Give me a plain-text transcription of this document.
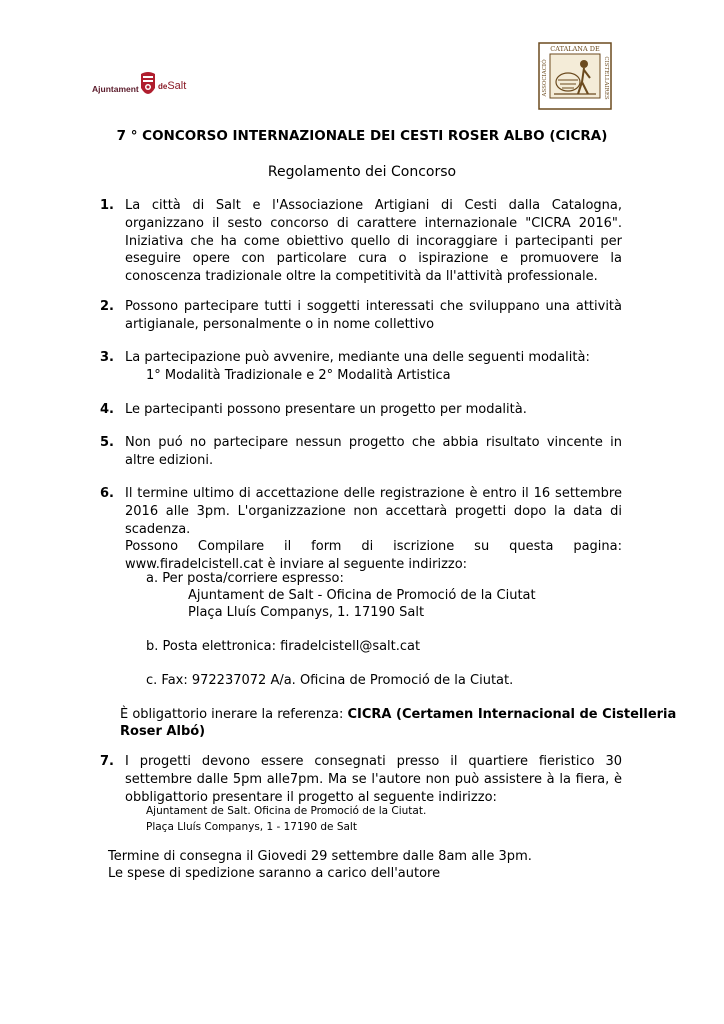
Ajuntament deSalt
CATALANA DE
ASSOCIACIÓ	CISTELLAIRES
7 ° CONCORSO INTERNAZIONALE DEI CESTI ROSER ALBO (CICRA)
Regolamento dei Concorso
1. La città di Salt e l'Associazione Artigiani di Cesti dalla Catalogna, organizzano il sesto concorso di carattere internazionale "CICRA 2016". Iniziativa che ha come obiettivo quello di incoraggiare i partecipanti per eseguire opere con particolare cura o ispirazione e promuovere la conoscenza tradizionale oltre la competitività da ll'attività professionale.
2. Possono partecipare tutti i soggetti interessati che sviluppano una attività artigianale, personalmente o in nome collettivo
3. La partecipazione può avvenire, mediante una delle seguenti modalità:
1° Modalità Tradizionale e 2° Modalità Artistica
4. Le partecipanti possono presentare un progetto per modalità.
5. Non puó no partecipare nessun progetto che abbia risultato vincente in altre edizioni.
6. Il termine ultimo di accettazione delle registrazione è entro il 16 settembre 2016 alle 3pm. L'organizzazione non accettarà progetti dopo la data di scadenza.
Possono Compilare il form di iscrizione su questa pagina: www.firadelcistell.cat è inviare al seguente indirizzo:
a. Per posta/corriere espresso:
Ajuntament de Salt - Oficina de Promoció de la Ciutat
Plaça Lluís Companys, 1. 17190 Salt
b. Posta elettronica: firadelcistell@salt.cat
c. Fax: 972237072 A/a. Oficina de Promoció de la Ciutat.
È obligattorio inerare la referenza: CICRA (Certamen Internacional de Cistelleria
Roser Albó)
7. I progetti devono essere consegnati presso il quartiere fieristico 30 settembre dalle 5pm alle7pm. Ma se l'autore non può assistere à la fiera, è obbligattorio presentare il progetto al seguente indirizzo:
Ajuntament de Salt. Oficina de Promoció de la Ciutat.
Plaça Lluís Companys, 1 - 17190 de Salt
Termine di consegna il Giovedi 29 settembre dalle 8am alle 3pm.
Le spese di spedizione saranno a carico dell'autore
